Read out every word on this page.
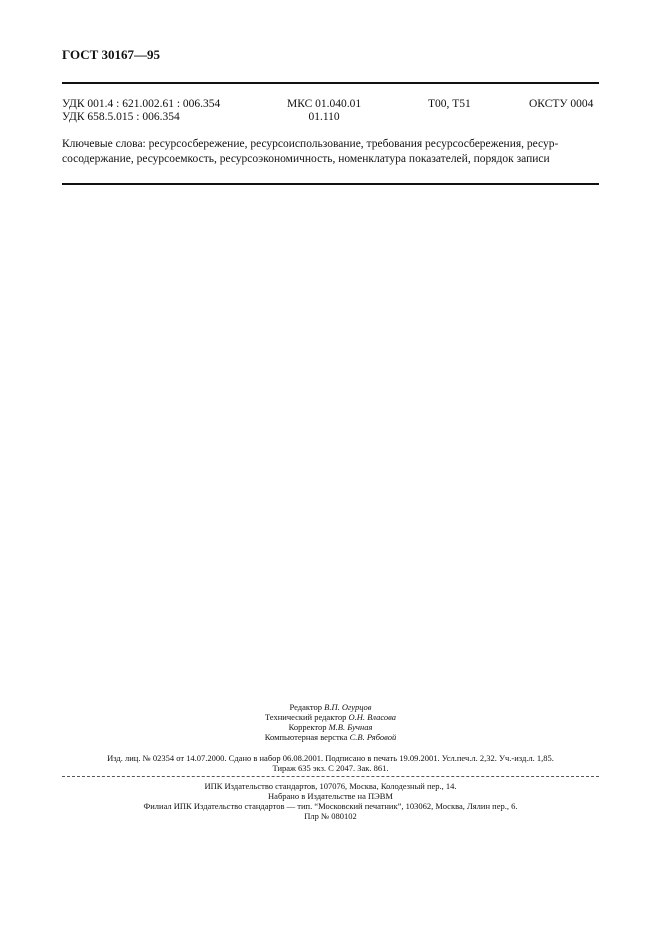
ГОСТ 30167—95
УДК 001.4 : 621.002.61 : 006.354
УДК 658.5.015 : 006.354
МКС 01.040.01
01.110
Т00, Т51	ОКСТУ 0004
Ключевые слова: ресурсосбережение, ресурсоиспользование, требования ресурсосбережения, ресур-
сосодержание, ресурсоемкость, ресурсоэкономичность, номенклатура показателей, порядок записи
Редактор В.П. Огурцов
Технический редактор О.Н. Власова
Корректор М.В. Бучная
Компьютерная верстка С.В. Рябовой
Изд. лиц. № 02354 от 14.07.2000. Сдано в набор 06.08.2001. Подписано в печать 19.09.2001. Усл.печ.л. 2,32. Уч.-изд.л. 1,85.
Тираж 635 экз. С 2047. Зак. 861.
ИПК Издательство стандартов, 107076, Москва, Колодезный пер., 14.
Набрано в Издательстве на ПЭВМ
Филиал ИПК Издательство стандартов — тип. “Московский печатник”, 103062, Москва, Лялин пер., 6.
Плр № 080102
